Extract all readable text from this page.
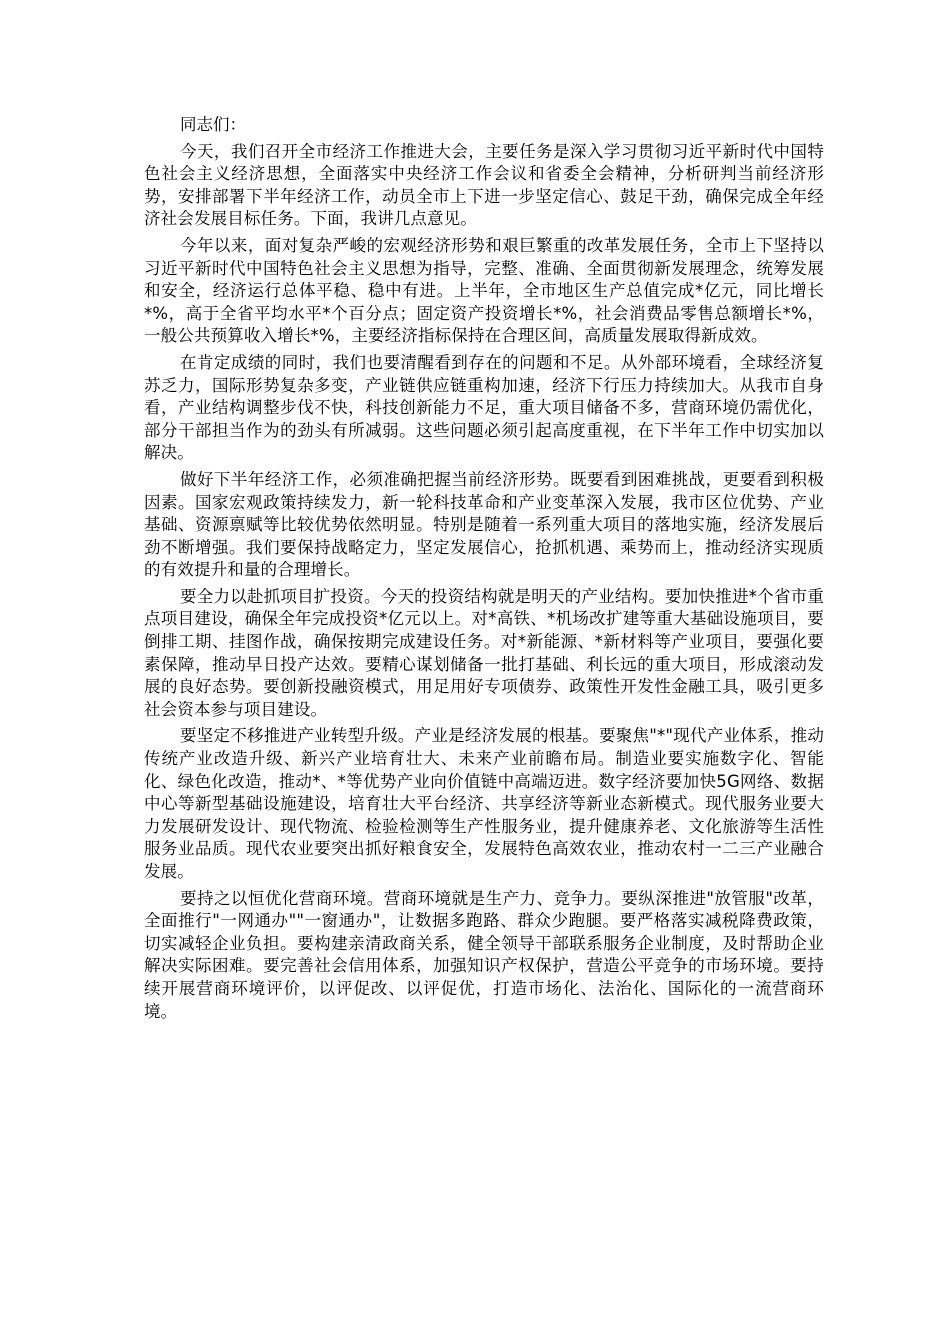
同志们：

今天，我们召开全市经济工作推进大会，主要任务是深入学习贯彻习近平新时代中国特色社会主义经济思想，全面落实中央经济工作会议和省委全会精神，分析研判当前经济形势，安排部署下半年经济工作，动员全市上下进一步坚定信心、鼓足干劲，确保完成全年经济社会发展目标任务。下面，我讲几点意见。

今年以来，面对复杂严峻的宏观经济形势和艰巨繁重的改革发展任务，全市上下坚持以习近平新时代中国特色社会主义思想为指导，完整、准确、全面贯彻新发展理念，统筹发展和安全，经济运行总体平稳、稳中有进。上半年，全市地区生产总值完成*亿元，同比增长*%，高于全省平均水平*个百分点；固定资产投资增长*%，社会消费品零售总额增长*%，一般公共预算收入增长*%，主要经济指标保持在合理区间，高质量发展取得新成效。

在肯定成绩的同时，我们也要清醒看到存在的问题和不足。从外部环境看，全球经济复苏乏力，国际形势复杂多变，产业链供应链重构加速，经济下行压力持续加大。从我市自身看，产业结构调整步伐不快，科技创新能力不足，重大项目储备不多，营商环境仍需优化，部分干部担当作为的劲头有所减弱。这些问题必须引起高度重视，在下半年工作中切实加以解决。

做好下半年经济工作，必须准确把握当前经济形势。既要看到困难挑战，更要看到积极因素。国家宏观政策持续发力，新一轮科技革命和产业变革深入发展，我市区位优势、产业基础、资源禀赋等比较优势依然明显。特别是随着一系列重大项目的落地实施，经济发展后劲不断增强。我们要保持战略定力，坚定发展信心，抢抓机遇、乘势而上，推动经济实现质的有效提升和量的合理增长。

要全力以赴抓项目扩投资。今天的投资结构就是明天的产业结构。要加快推进*个省市重点项目建设，确保全年完成投资*亿元以上。对*高铁、*机场改扩建等重大基础设施项目，要倒排工期、挂图作战，确保按期完成建设任务。对*新能源、*新材料等产业项目，要强化要素保障，推动早日投产达效。要精心谋划储备一批打基础、利长远的重大项目，形成滚动发展的良好态势。要创新投融资模式，用足用好专项债券、政策性开发性金融工具，吸引更多社会资本参与项目建设。

要坚定不移推进产业转型升级。产业是经济发展的根基。要聚焦"*"现代产业体系，推动传统产业改造升级、新兴产业培育壮大、未来产业前瞻布局。制造业要实施数字化、智能化、绿色化改造，推动*、*等优势产业向价值链中高端迈进。数字经济要加快5G网络、数据中心等新型基础设施建设，培育壮大平台经济、共享经济等新业态新模式。现代服务业要大力发展研发设计、现代物流、检验检测等生产性服务业，提升健康养老、文化旅游等生活性服务业品质。现代农业要突出抓好粮食安全，发展特色高效农业，推动农村一二三产业融合发展。

要持之以恒优化营商环境。营商环境就是生产力、竞争力。要纵深推进"放管服"改革，全面推行"一网通办""一窗通办"，让数据多跑路、群众少跑腿。要严格落实减税降费政策，切实减轻企业负担。要构建亲清政商关系，健全领导干部联系服务企业制度，及时帮助企业解决实际困难。要完善社会信用体系，加强知识产权保护，营造公平竞争的市场环境。要持续开展营商环境评价，以评促改、以评促优，打造市场化、法治化、国际化的一流营商环境。
